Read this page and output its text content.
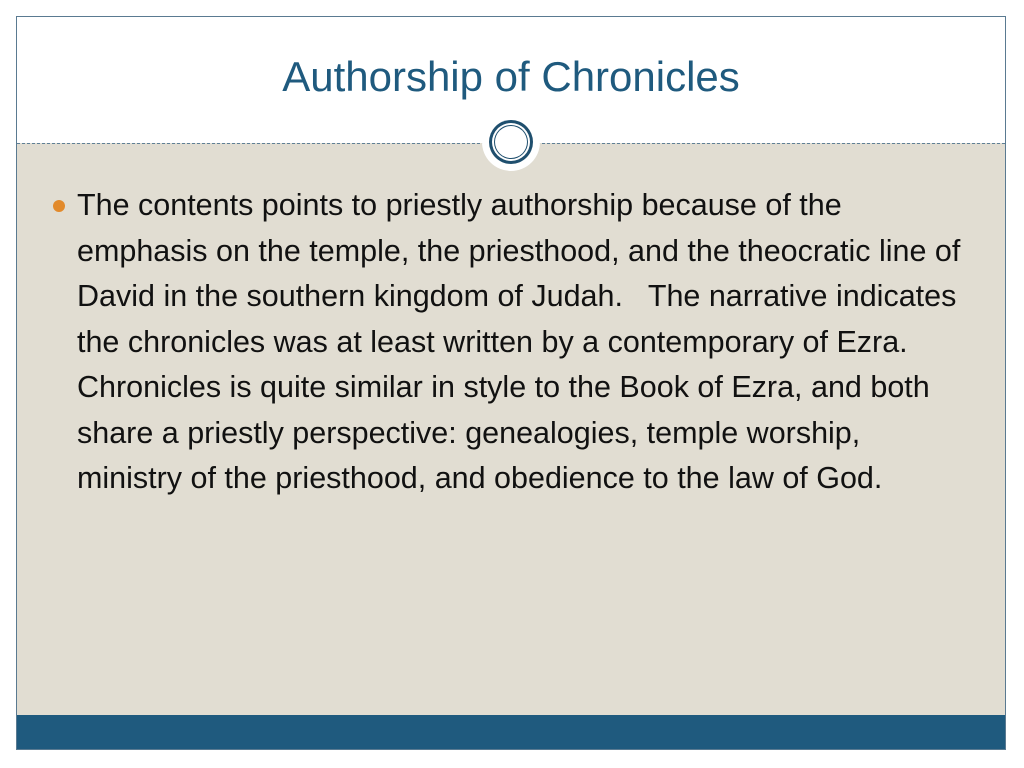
Authorship of Chronicles

The contents points to priestly authorship because of the emphasis on the temple, the priesthood, and the theocratic line of David in the southern kingdom of Judah.   The narrative indicates the chronicles was at least written by a contemporary of Ezra. Chronicles is quite similar in style to the Book of Ezra, and both share a priestly perspective: genealogies, temple worship, ministry of the priesthood, and obedience to the law of God.
